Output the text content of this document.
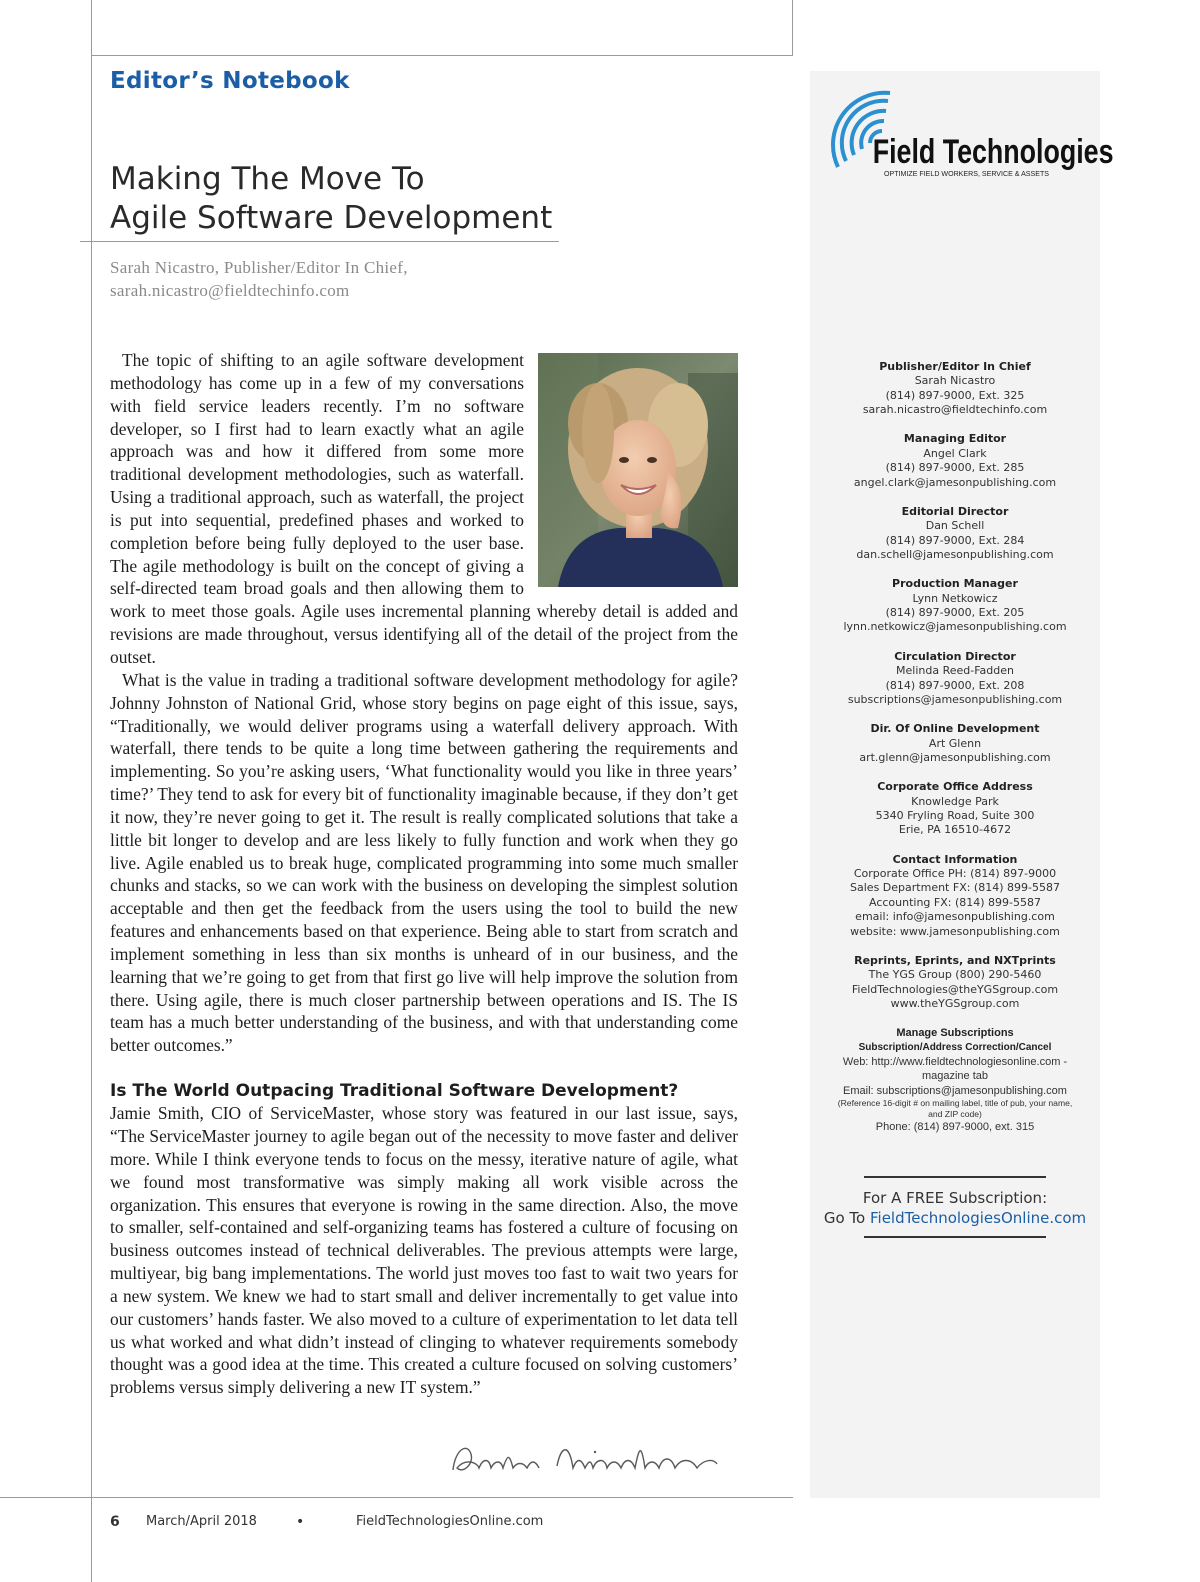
Editor’s Notebook
Making The Move To
Agile Software Development
Sarah Nicastro, Publisher/Editor In Chief,
sarah.nicastro@fieldtechinfo.com

The topic of shifting to an agile software development methodology has come up in a few of my conversations with field service leaders recently. I’m no software developer, so I first had to learn exactly what an agile approach was and how it differed from some more traditional development methodologies, such as waterfall. Using a traditional approach, such as waterfall, the project is put into sequential, predefined phases and worked to completion before being fully deployed to the user base. The agile methodology is built on the concept of giving a self-directed team broad goals and then allowing them to work to meet those goals. Agile uses incremental planning whereby detail is added and revisions are made throughout, versus identifying all of the detail of the project from the outset.

What is the value in trading a traditional software development methodology for agile? Johnny Johnston of National Grid, whose story begins on page eight of this issue, says, “Traditionally, we would deliver programs using a waterfall delivery approach. With waterfall, there tends to be quite a long time between gathering the requirements and implementing. So you’re asking users, ‘What functionality would you like in three years’ time?’ They tend to ask for every bit of functionality imaginable because, if they don’t get it now, they’re never going to get it. The result is really complicated solutions that take a little bit longer to develop and are less likely to fully function and work when they go live. Agile enabled us to break huge, complicated programming into some much smaller chunks and stacks, so we can work with the business on developing the simplest solution acceptable and then get the feedback from the users using the tool to build the new features and enhancements based on that experience. Being able to start from scratch and implement something in less than six months is unheard of in our business, and the learning that we’re going to get from that first go live will help improve the solution from there. Using agile, there is much closer partnership between operations and IS. The IS team has a much better understanding of the business, and with that understanding come better outcomes.”

Is The World Outpacing Traditional Software Development?

Jamie Smith, CIO of ServiceMaster, whose story was featured in our last issue, says, “The ServiceMaster journey to agile began out of the necessity to move faster and deliver more. While I think everyone tends to focus on the messy, iterative nature of agile, what we found most transformative was simply making all work visible across the organization. This ensures that everyone is rowing in the same direction. Also, the move to smaller, self-contained and self-organizing teams has fostered a culture of focusing on business outcomes instead of technical deliverables. The previous attempts were large, multiyear, big bang implementations. The world just moves too fast to wait two years for a new system. We knew we had to start small and deliver incrementally to get value into our customers’ hands faster. We also moved to a culture of experimentation to let data tell us what worked and what didn’t instead of clinging to whatever requirements somebody thought was a good idea at the time. This created a culture focused on solving customers’ problems versus simply delivering a new IT system.”

6 March/April 2018	•	FieldTechnologiesOnline.com
Field Technologies
OPTIMIZE FIELD WORKERS, SERVICE & ASSETS
Publisher/Editor In Chief
Sarah Nicastro
(814) 897-9000, Ext. 325
sarah.nicastro@fieldtechinfo.com
Managing Editor
Angel Clark
(814) 897-9000, Ext. 285
angel.clark@jamesonpublishing.com
Editorial Director
Dan Schell
(814) 897-9000, Ext. 284
dan.schell@jamesonpublishing.com
Production Manager
Lynn Netkowicz
(814) 897-9000, Ext. 205
lynn.netkowicz@jamesonpublishing.com
Circulation Director
Melinda Reed-Fadden
(814) 897-9000, Ext. 208
subscriptions@jamesonpublishing.com
Dir. Of Online Development
Art Glenn
art.glenn@jamesonpublishing.com
Corporate Office Address
Knowledge Park
5340 Fryling Road, Suite 300
Erie, PA 16510-4672
Contact Information
Corporate Office PH: (814) 897-9000
Sales Department FX: (814) 899-5587
Accounting FX: (814) 899-5587
email: info@jamesonpublishing.com
website: www.jamesonpublishing.com
Reprints, Eprints, and NXTprints
The YGS Group (800) 290-5460
FieldTechnologies@theYGSgroup.com
www.theYGSgroup.com
Manage Subscriptions
Subscription/Address Correction/Cancel
Web: http://www.fieldtechnologiesonline.com - magazine tab
Email: subscriptions@jamesonpublishing.com
(Reference 16-digit # on mailing label, title of pub, your name, and ZIP code)
Phone: (814) 897-9000, ext. 315
For A FREE Subscription:
Go To FieldTechnologiesOnline.com
